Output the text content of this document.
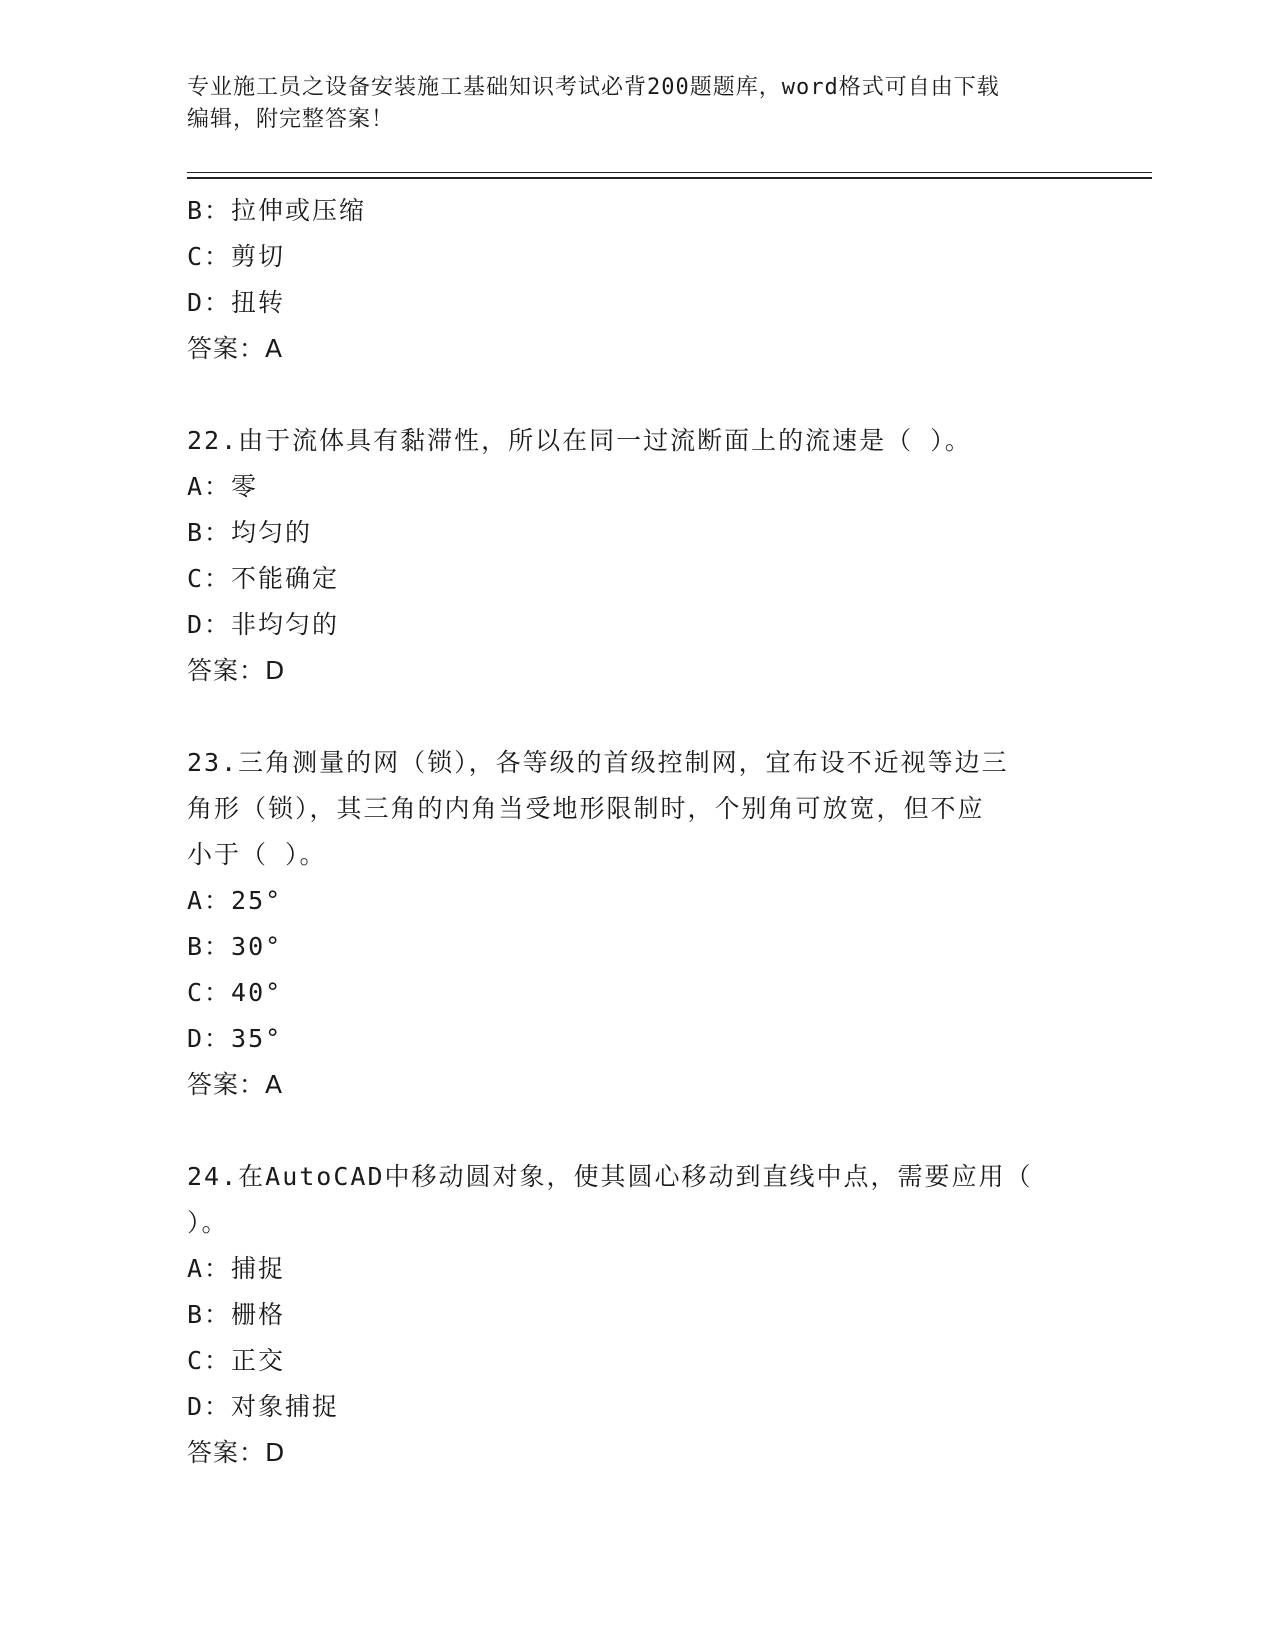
专业施工员之设备安装施工基础知识考试必背200题题库，word格式可自由下载
编辑，附完整答案！
B：拉伸或压缩
C：剪切
D：扭转
答案：A
22.由于流体具有黏滞性，所以在同一过流断面上的流速是（ ）。
A：零
B：均匀的
C：不能确定
D：非均匀的
答案：D
23.三角测量的网（锁），各等级的首级控制网，宜布设不近视等边三
角形（锁），其三角的内角当受地形限制时，个别角可放宽，但不应
小于（ ）。
A：25°
B：30°
C：40°
D：35°
答案：A
24.在AutoCAD中移动圆对象，使其圆心移动到直线中点，需要应用（
）。
A：捕捉
B：栅格
C：正交
D：对象捕捉
答案：D
